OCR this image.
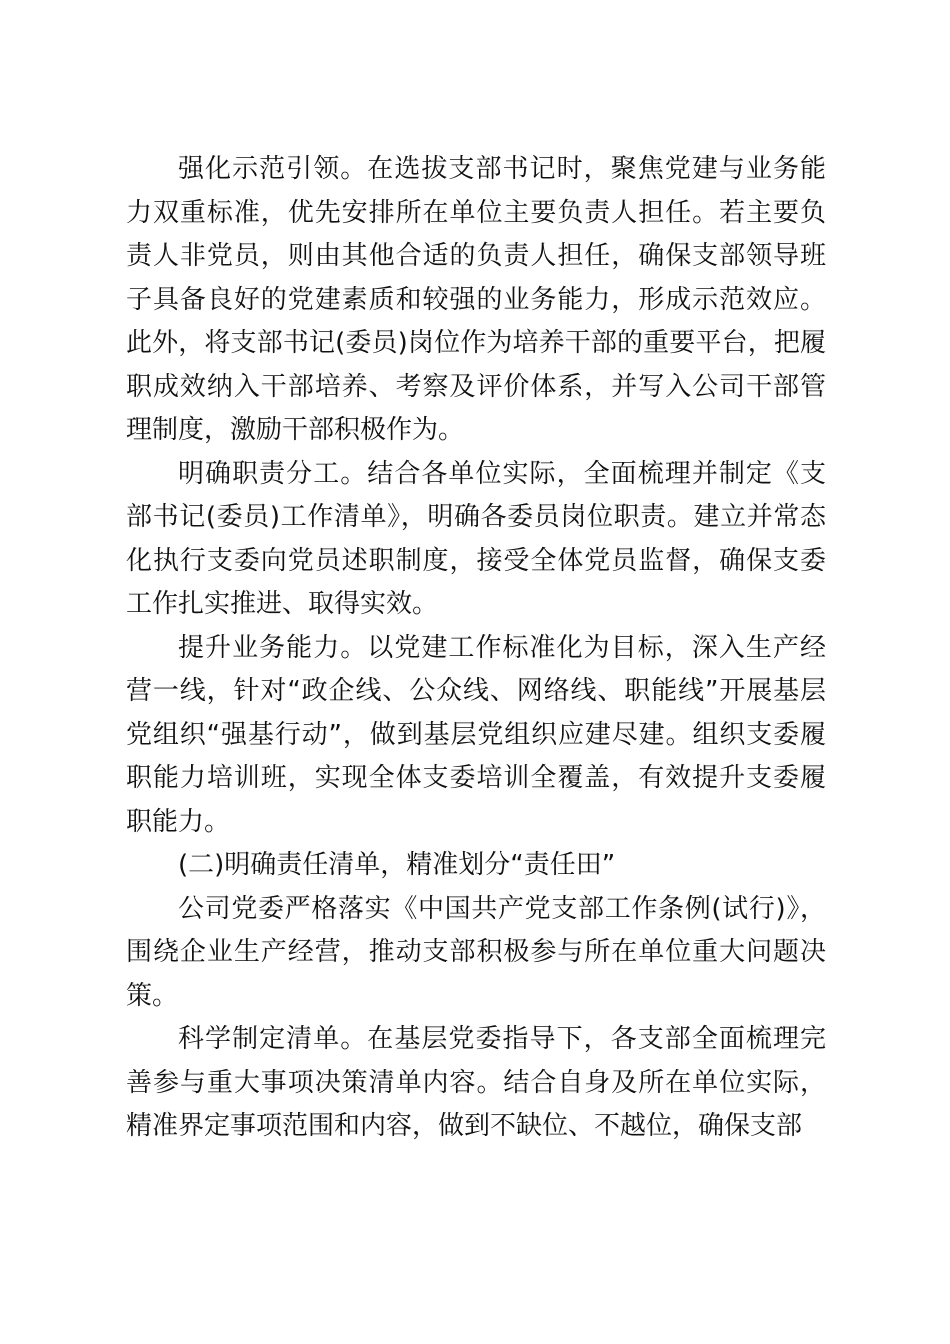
强化示范引领。在选拔支部书记时，聚焦党建与业务能力双重标准，优先安排所在单位主要负责人担任。若主要负责人非党员，则由其他合适的负责人担任，确保支部领导班子具备良好的党建素质和较强的业务能力，形成示范效应。此外，将支部书记(委员)岗位作为培养干部的重要平台，把履职成效纳入干部培养、考察及评价体系，并写入公司干部管理制度，激励干部积极作为。

明确职责分工。结合各单位实际，全面梳理并制定《支部书记(委员)工作清单》，明确各委员岗位职责。建立并常态化执行支委向党员述职制度，接受全体党员监督，确保支委工作扎实推进、取得实效。

提升业务能力。以党建工作标准化为目标，深入生产经营一线，针对“政企线、公众线、网络线、职能线”开展基层党组织“强基行动”，做到基层党组织应建尽建。组织支委履职能力培训班，实现全体支委培训全覆盖，有效提升支委履职能力。

(二)明确责任清单，精准划分“责任田”

公司党委严格落实《中国共产党支部工作条例(试行)》，围绕企业生产经营，推动支部积极参与所在单位重大问题决策。

科学制定清单。在基层党委指导下，各支部全面梳理完善参与重大事项决策清单内容。结合自身及所在单位实际，精准界定事项范围和内容，做到不缺位、不越位，确保支部
